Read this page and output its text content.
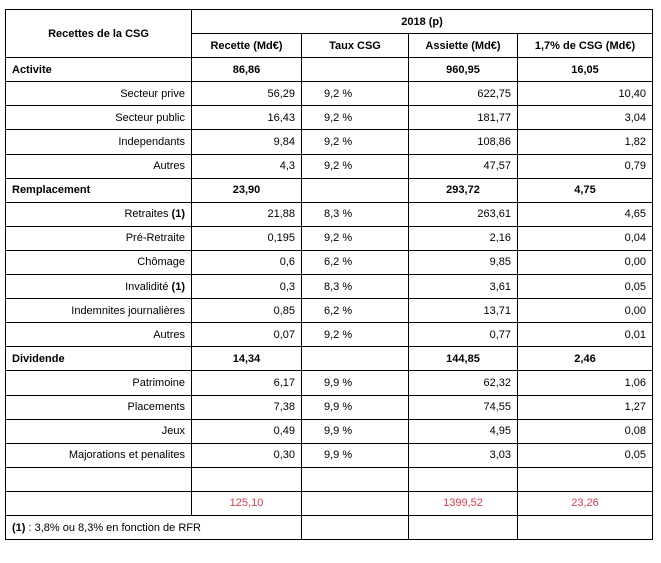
Recettes de la CSG	2018 (p)			
	Recette (Md€)	Taux CSG	Assiette (Md€)	1,7% de CSG (Md€)
Activite	86,86		960,95	16,05
Secteur prive	56,29	9,2 %	622,75	10,40
Secteur public	16,43	9,2 %	181,77	3,04
Independants	9,84	9,2 %	108,86	1,82
Autres	4,3	9,2 %	47,57	0,79
Remplacement	23,90		293,72	4,75
Retraites (1)	21,88	8,3 %	263,61	4,65
Pré-Retraite	0,195	9,2 %	2,16	0,04
Chômage	0,6	6,2 %	9,85	0,00
Invalidité (1)	0,3	8,3 %	3,61	0,05
Indemnites journalières	0,85	6,2 %	13,71	0,00
Autres	0,07	9,2 %	0,77	0,01
Dividende	14,34		144,85	2,46
Patrimoine	6,17	9,9 %	62,32	1,06
Placements	7,38	9,9 %	74,55	1,27
Jeux	0,49	9,9 %	4,95	0,08
Majorations et penalites	0,30	9,9 %	3,03	0,05

	125,10		1399,52	23,26
(1) : 3,8% ou 8,3% en fonction de RFR				
